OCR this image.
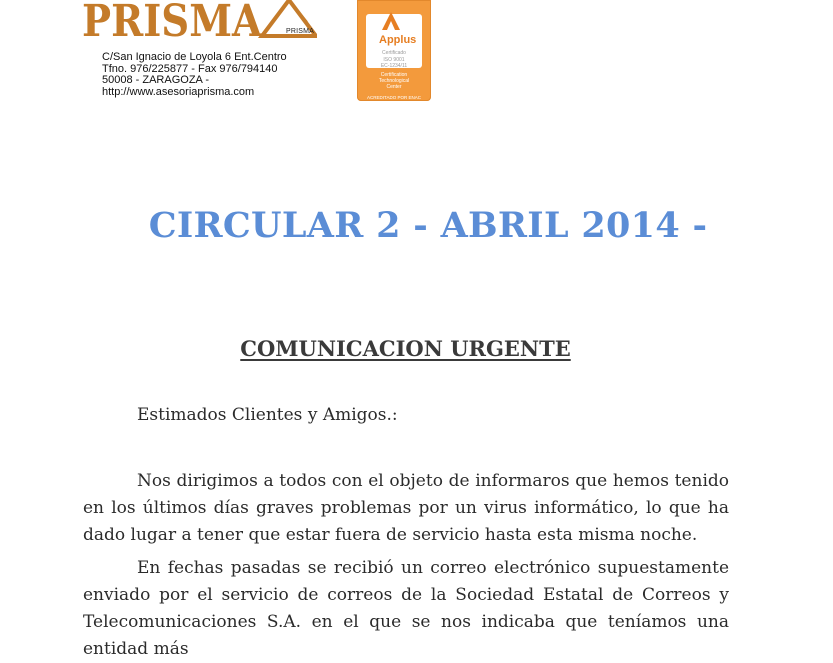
PRISMA	PRISMA
C/San Ignacio de Loyola 6 Ent.Centro
Tfno. 976/225877 - Fax 976/794140
50008 - ZARAGOZA -
http://www.asesoriaprisma.com
Applus
Certificado
ISO 9001
EC-1234/11
Certification
Technological
Center
ACREDITADO POR ENAC
CIRCULAR 2 - ABRIL 2014 -
COMUNICACION URGENTE
Estimados Clientes y Amigos.:
Nos dirigimos a todos con el objeto de informaros que hemos tenido en los últimos días graves problemas por un virus informático, lo que ha dado lugar a tener que estar fuera de servicio hasta esta misma noche.
En fechas pasadas se recibió un correo electrónico supuestamente enviado por el servicio de correos de la Sociedad Estatal de Correos y Telecomunicaciones S.A. en el que se nos indicaba que teníamos una entidad más
